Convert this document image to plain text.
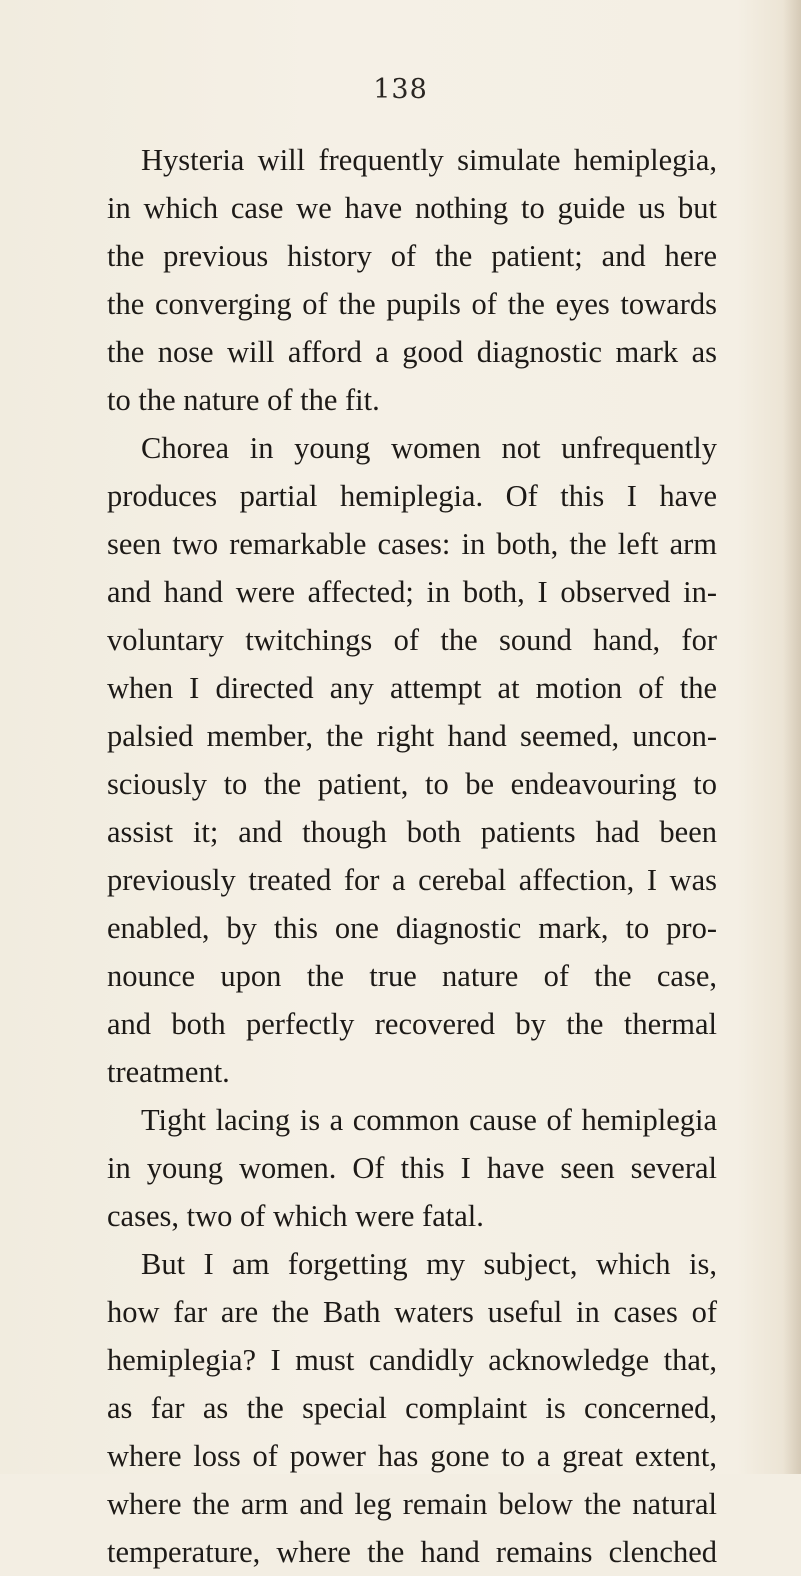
138
Hysteria will frequently simulate hemiplegia,
in which case we have nothing to guide us but
the previous history of the patient; and here
the converging of the pupils of the eyes towards
the nose will afford a good diagnostic mark as
to the nature of the fit.
Chorea in young women not unfrequently
produces partial hemiplegia. Of this I have
seen two remarkable cases: in both, the left arm
and hand were affected; in both, I observed in-
voluntary twitchings of the sound hand, for
when I directed any attempt at motion of the
palsied member, the right hand seemed, uncon-
sciously to the patient, to be endeavouring to
assist it; and though both patients had been
previously treated for a cerebal affection, I was
enabled, by this one diagnostic mark, to pro-
nounce upon the true nature of the case,
and both perfectly recovered by the thermal
treatment.
Tight lacing is a common cause of hemiplegia
in young women. Of this I have seen several
cases, two of which were fatal.
But I am forgetting my subject, which is,
how far are the Bath waters useful in cases of
hemiplegia? I must candidly acknowledge that,
as far as the special complaint is concerned,
where loss of power has gone to a great extent,
where the arm and leg remain below the natural
temperature, where the hand remains clenched
